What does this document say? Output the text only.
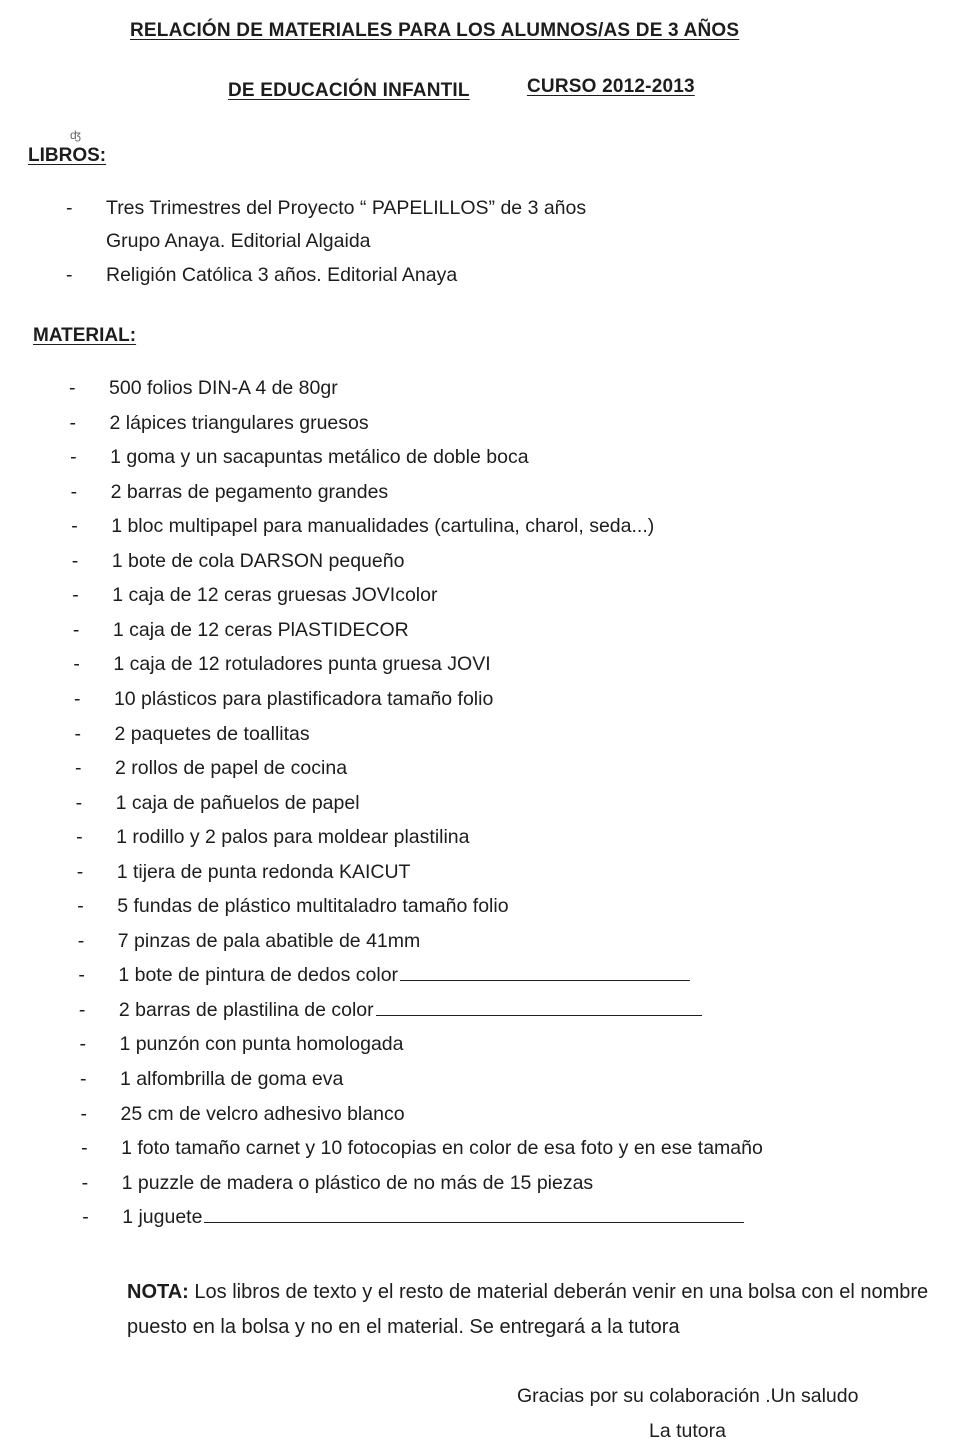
RELACIÓN DE MATERIALES PARA LOS ALUMNOS/AS DE 3 AÑOS
DE EDUCACIÓN INFANTIL	CURSO 2012-2013
ʤ
LIBROS:
-	Tres Trimestres del Proyecto “ PAPELILLOS” de 3 años
Grupo Anaya. Editorial Algaida
-	Religión Católica 3 años. Editorial Anaya
MATERIAL:
-	500 folios DIN-A 4 de 80gr
-	2 lápices triangulares gruesos
-	1 goma y un sacapuntas metálico de doble boca
-	2 barras de pegamento grandes
-	1 bloc multipapel para manualidades (cartulina, charol, seda...)
-	1 bote de cola DARSON pequeño
-	1 caja de 12 ceras gruesas JOVIcolor
-	1 caja de 12 ceras PlASTIDECOR
-	1 caja de 12 rotuladores punta gruesa JOVI
-	10 plásticos para plastificadora tamaño folio
-	2 paquetes de toallitas
-	2 rollos de papel de cocina
-	1 caja de pañuelos de papel
-	1 rodillo y 2 palos para moldear plastilina
-	1 tijera de punta redonda KAICUT
-	5 fundas de plástico multitaladro tamaño folio
-	7 pinzas de pala abatible de 41mm
-	1 bote de pintura de dedos color
-	2 barras de plastilina de color
-	1 punzón con punta homologada
-	1 alfombrilla de goma eva
-	25 cm de velcro adhesivo blanco
-	1 foto tamaño carnet y 10 fotocopias en color de esa foto y en ese tamaño
-	1 puzzle de madera o plástico de no más de 15 piezas
-	1 juguete
NOTA: Los libros de texto y el resto de material deberán venir en una bolsa con el nombre puesto en la bolsa y no en el material. Se entregará a la tutora
Gracias por su colaboración .Un saludo
La tutora
